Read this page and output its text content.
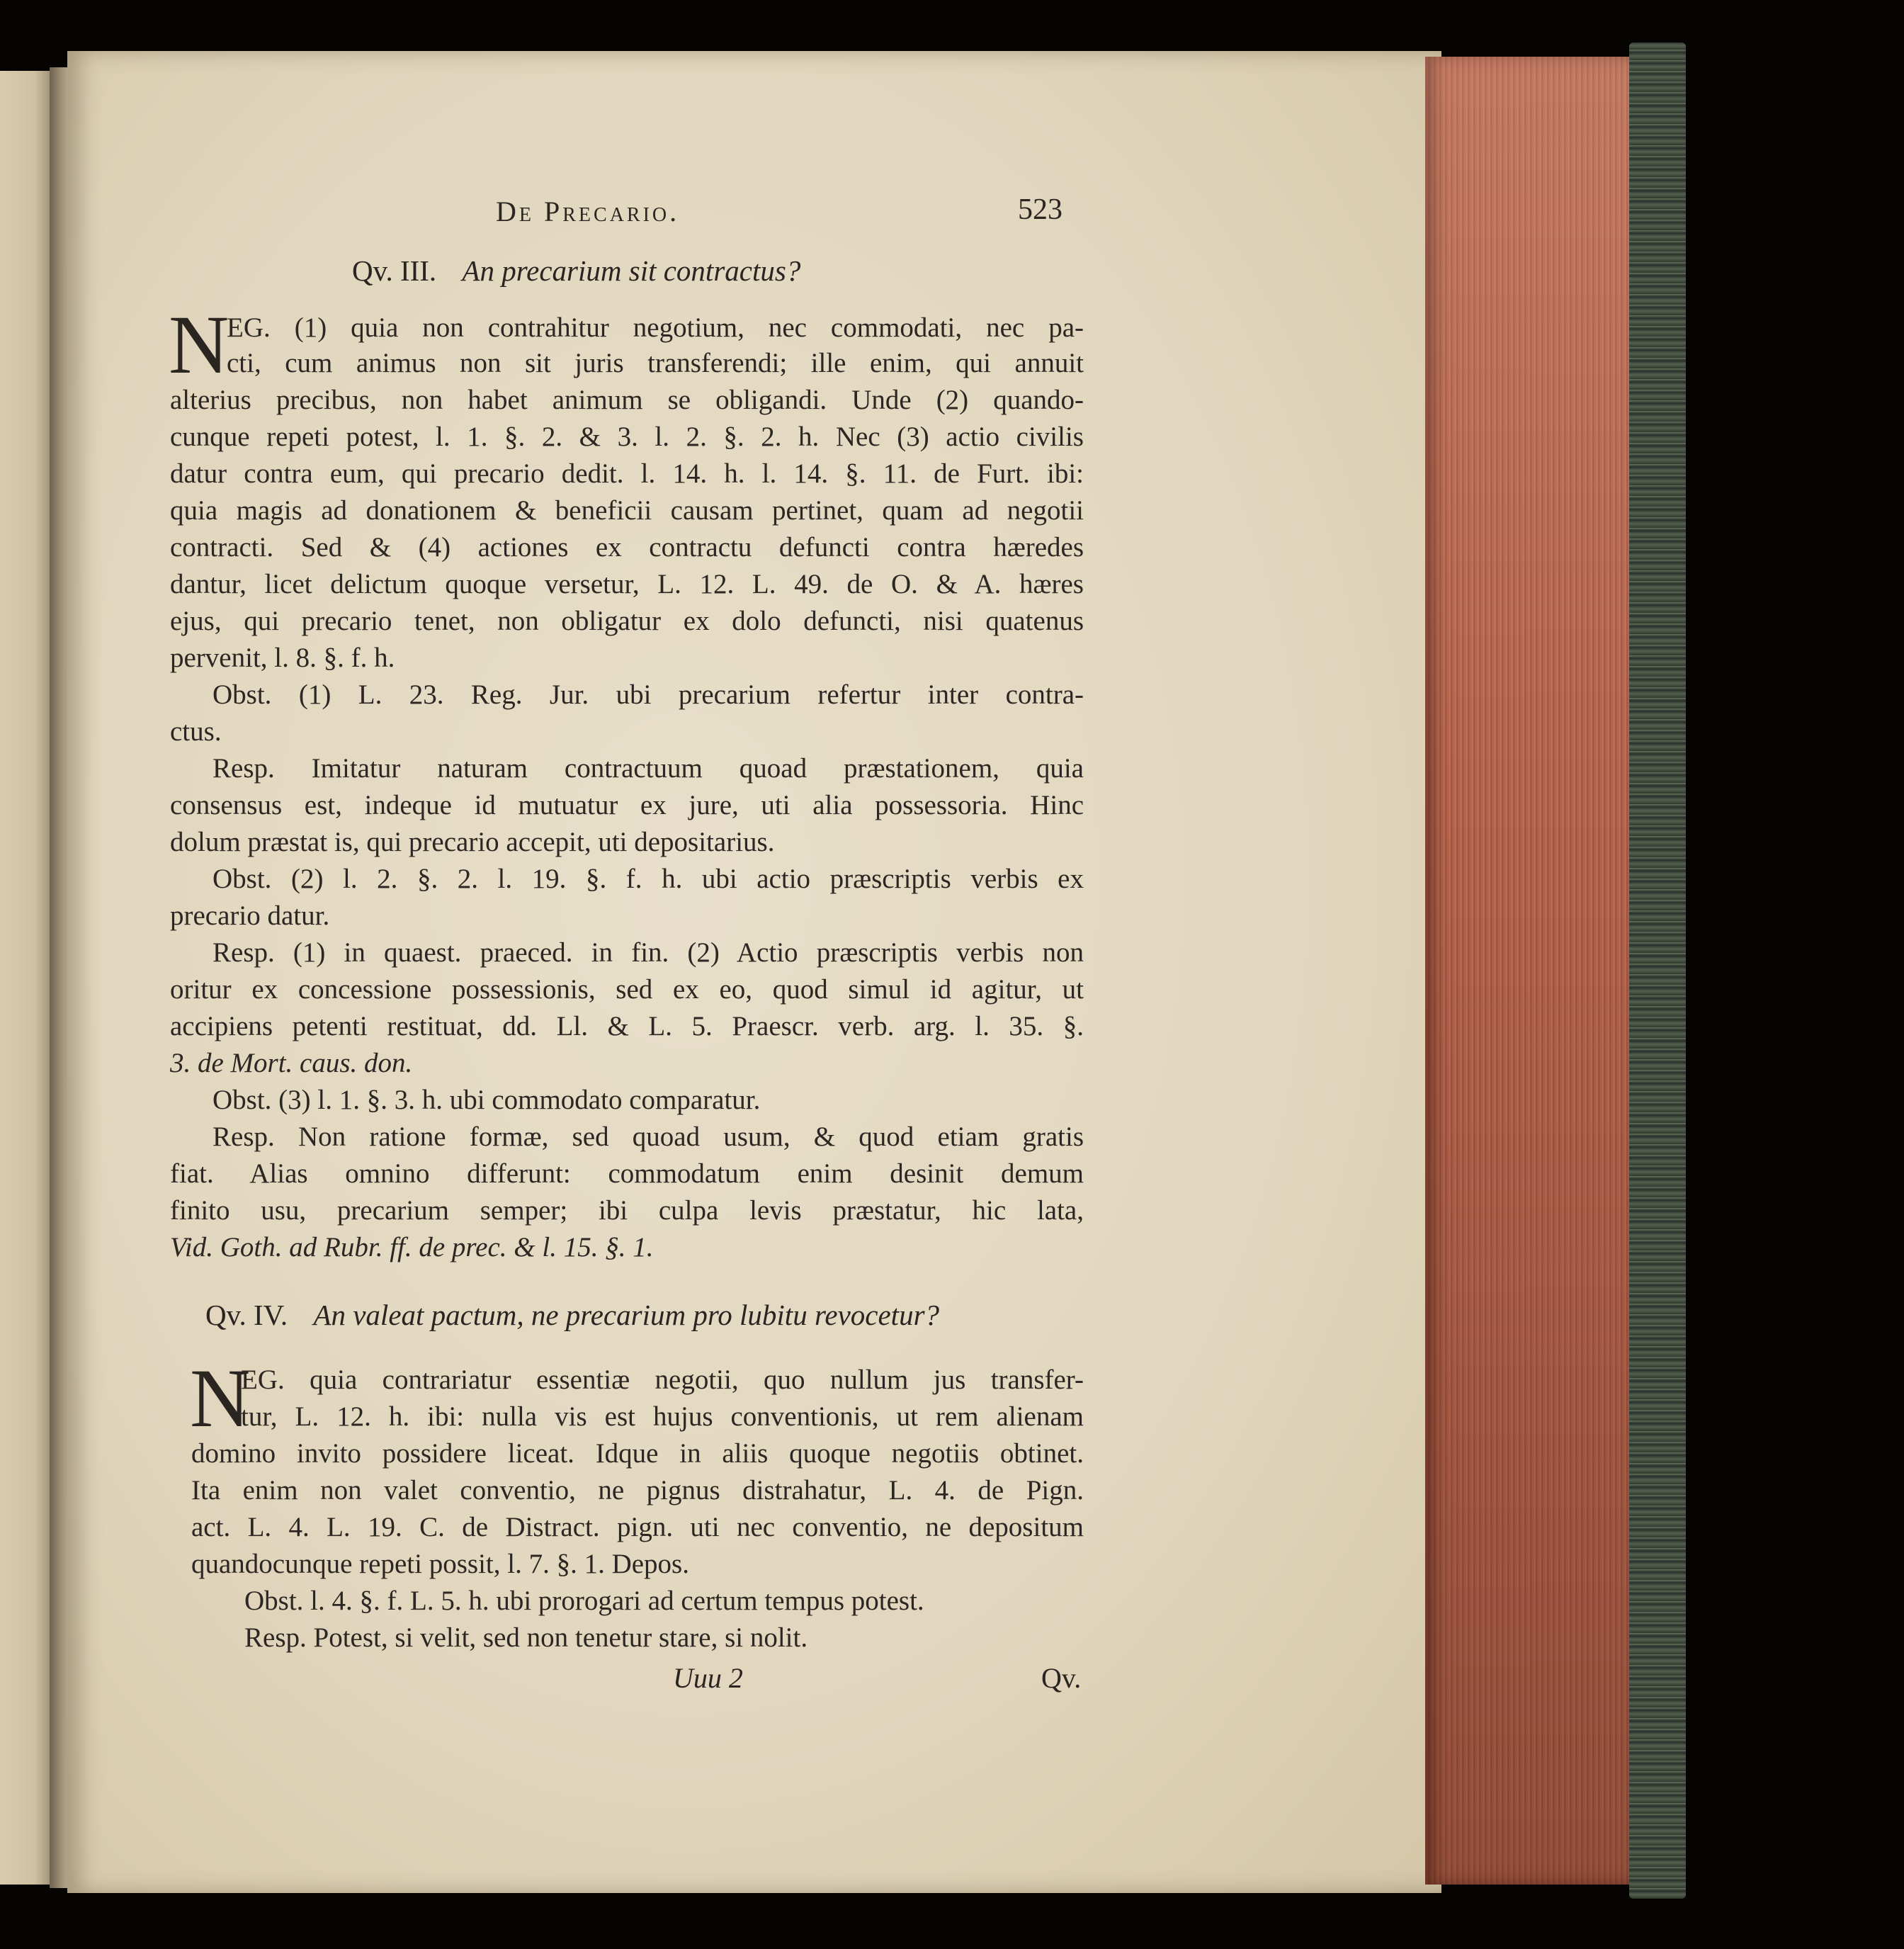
De Precario.	523
Qv. III. An precarium sit contractus?
N
EG. (1) quia non contrahitur negotium, nec commodati, nec pa-
cti, cum animus non sit juris transferendi; ille enim, qui annuit
alterius precibus, non habet animum se obligandi. Unde (2) quando-
cunque repeti potest, l. 1. §. 2. & 3. l. 2. §. 2. h. Nec (3) actio civilis
datur contra eum, qui precario dedit. l. 14. h. l. 14. §. 11. de Furt. ibi:
quia magis ad donationem & beneficii causam pertinet, quam ad negotii
contracti. Sed & (4) actiones ex contractu defuncti contra hæredes
dantur, licet delictum quoque versetur, L. 12. L. 49. de O. & A. hæres
ejus, qui precario tenet, non obligatur ex dolo defuncti, nisi quatenus
pervenit, l. 8. §. f. h.
Obst. (1) L. 23. Reg. Jur. ubi precarium refertur inter contra-
ctus.
Resp. Imitatur naturam contractuum quoad præstationem, quia
consensus est, indeque id mutuatur ex jure, uti alia possessoria. Hinc
dolum præstat is, qui precario accepit, uti depositarius.
Obst. (2) l. 2. §. 2. l. 19. §. f. h. ubi actio præscriptis verbis ex
precario datur.
Resp. (1) in quaest. praeced. in fin. (2) Actio præscriptis verbis non
oritur ex concessione possessionis, sed ex eo, quod simul id agitur, ut
accipiens petenti restituat, dd. Ll. & L. 5. Praescr. verb. arg. l. 35. §.
3. de Mort. caus. don.
Obst. (3) l. 1. §. 3. h. ubi commodato comparatur.
Resp. Non ratione formæ, sed quoad usum, & quod etiam gratis
fiat. Alias omnino differunt: commodatum enim desinit demum
finito usu, precarium semper; ibi culpa levis præstatur, hic lata,
Vid. Goth. ad Rubr. ff. de prec. & l. 15. §. 1.
Qv. IV. An valeat pactum, ne precarium pro lubitu revocetur?
N
EG. quia contrariatur essentiæ negotii, quo nullum jus transfer-
tur, L. 12. h. ibi: nulla vis est hujus conventionis, ut rem alienam
domino invito possidere liceat. Idque in aliis quoque negotiis obtinet.
Ita enim non valet conventio, ne pignus distrahatur, L. 4. de Pign.
act. L. 4. L. 19. C. de Distract. pign. uti nec conventio, ne depositum
quandocunque repeti possit, l. 7. §. 1. Depos.
Obst. l. 4. §. f. L. 5. h. ubi prorogari ad certum tempus potest.
Resp. Potest, si velit, sed non tenetur stare, si nolit.
Uuu 2	Qv.
